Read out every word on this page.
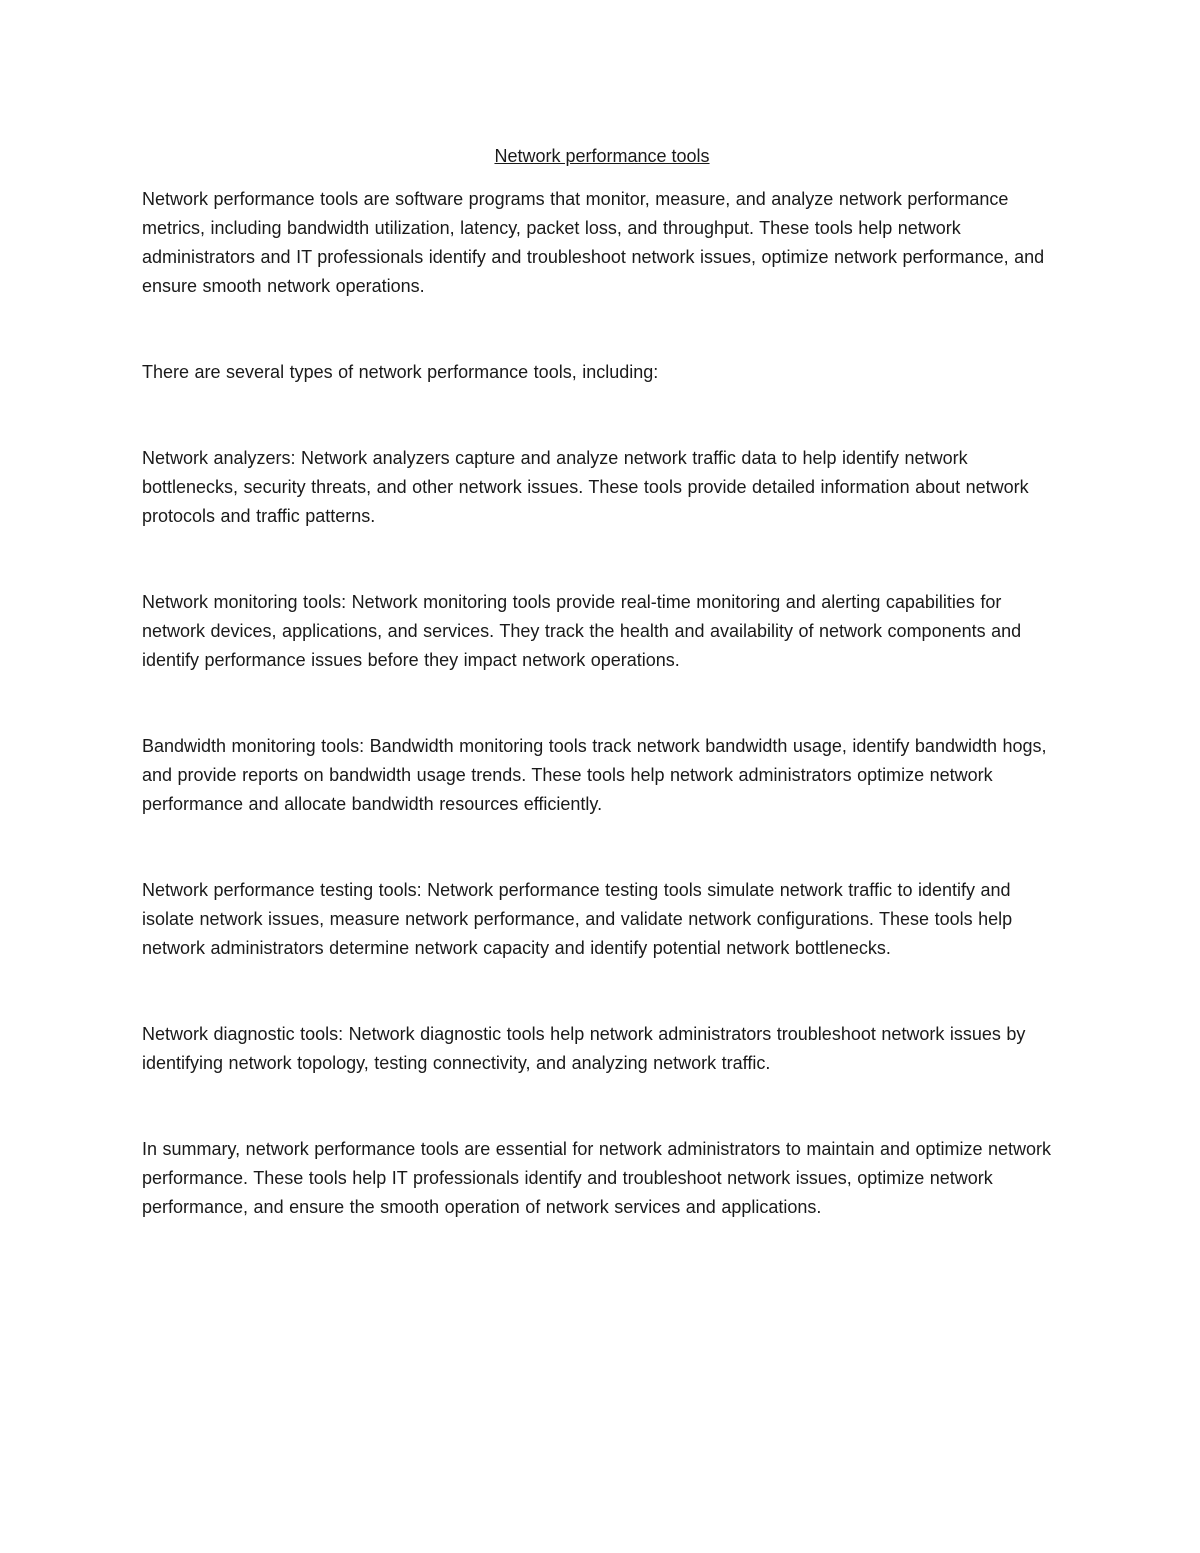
Network performance tools

Network performance tools are software programs that monitor, measure, and analyze network performance metrics, including bandwidth utilization, latency, packet loss, and throughput. These tools help network administrators and IT professionals identify and troubleshoot network issues, optimize network performance, and ensure smooth network operations.

There are several types of network performance tools, including:

Network analyzers: Network analyzers capture and analyze network traffic data to help identify network bottlenecks, security threats, and other network issues. These tools provide detailed information about network protocols and traffic patterns.

Network monitoring tools: Network monitoring tools provide real-time monitoring and alerting capabilities for network devices, applications, and services. They track the health and availability of network components and identify performance issues before they impact network operations.

Bandwidth monitoring tools: Bandwidth monitoring tools track network bandwidth usage, identify bandwidth hogs, and provide reports on bandwidth usage trends. These tools help network administrators optimize network performance and allocate bandwidth resources efficiently.

Network performance testing tools: Network performance testing tools simulate network traffic to identify and isolate network issues, measure network performance, and validate network configurations. These tools help network administrators determine network capacity and identify potential network bottlenecks.

Network diagnostic tools: Network diagnostic tools help network administrators troubleshoot network issues by identifying network topology, testing connectivity, and analyzing network traffic.

In summary, network performance tools are essential for network administrators to maintain and optimize network performance. These tools help IT professionals identify and troubleshoot network issues, optimize network performance, and ensure the smooth operation of network services and applications.
